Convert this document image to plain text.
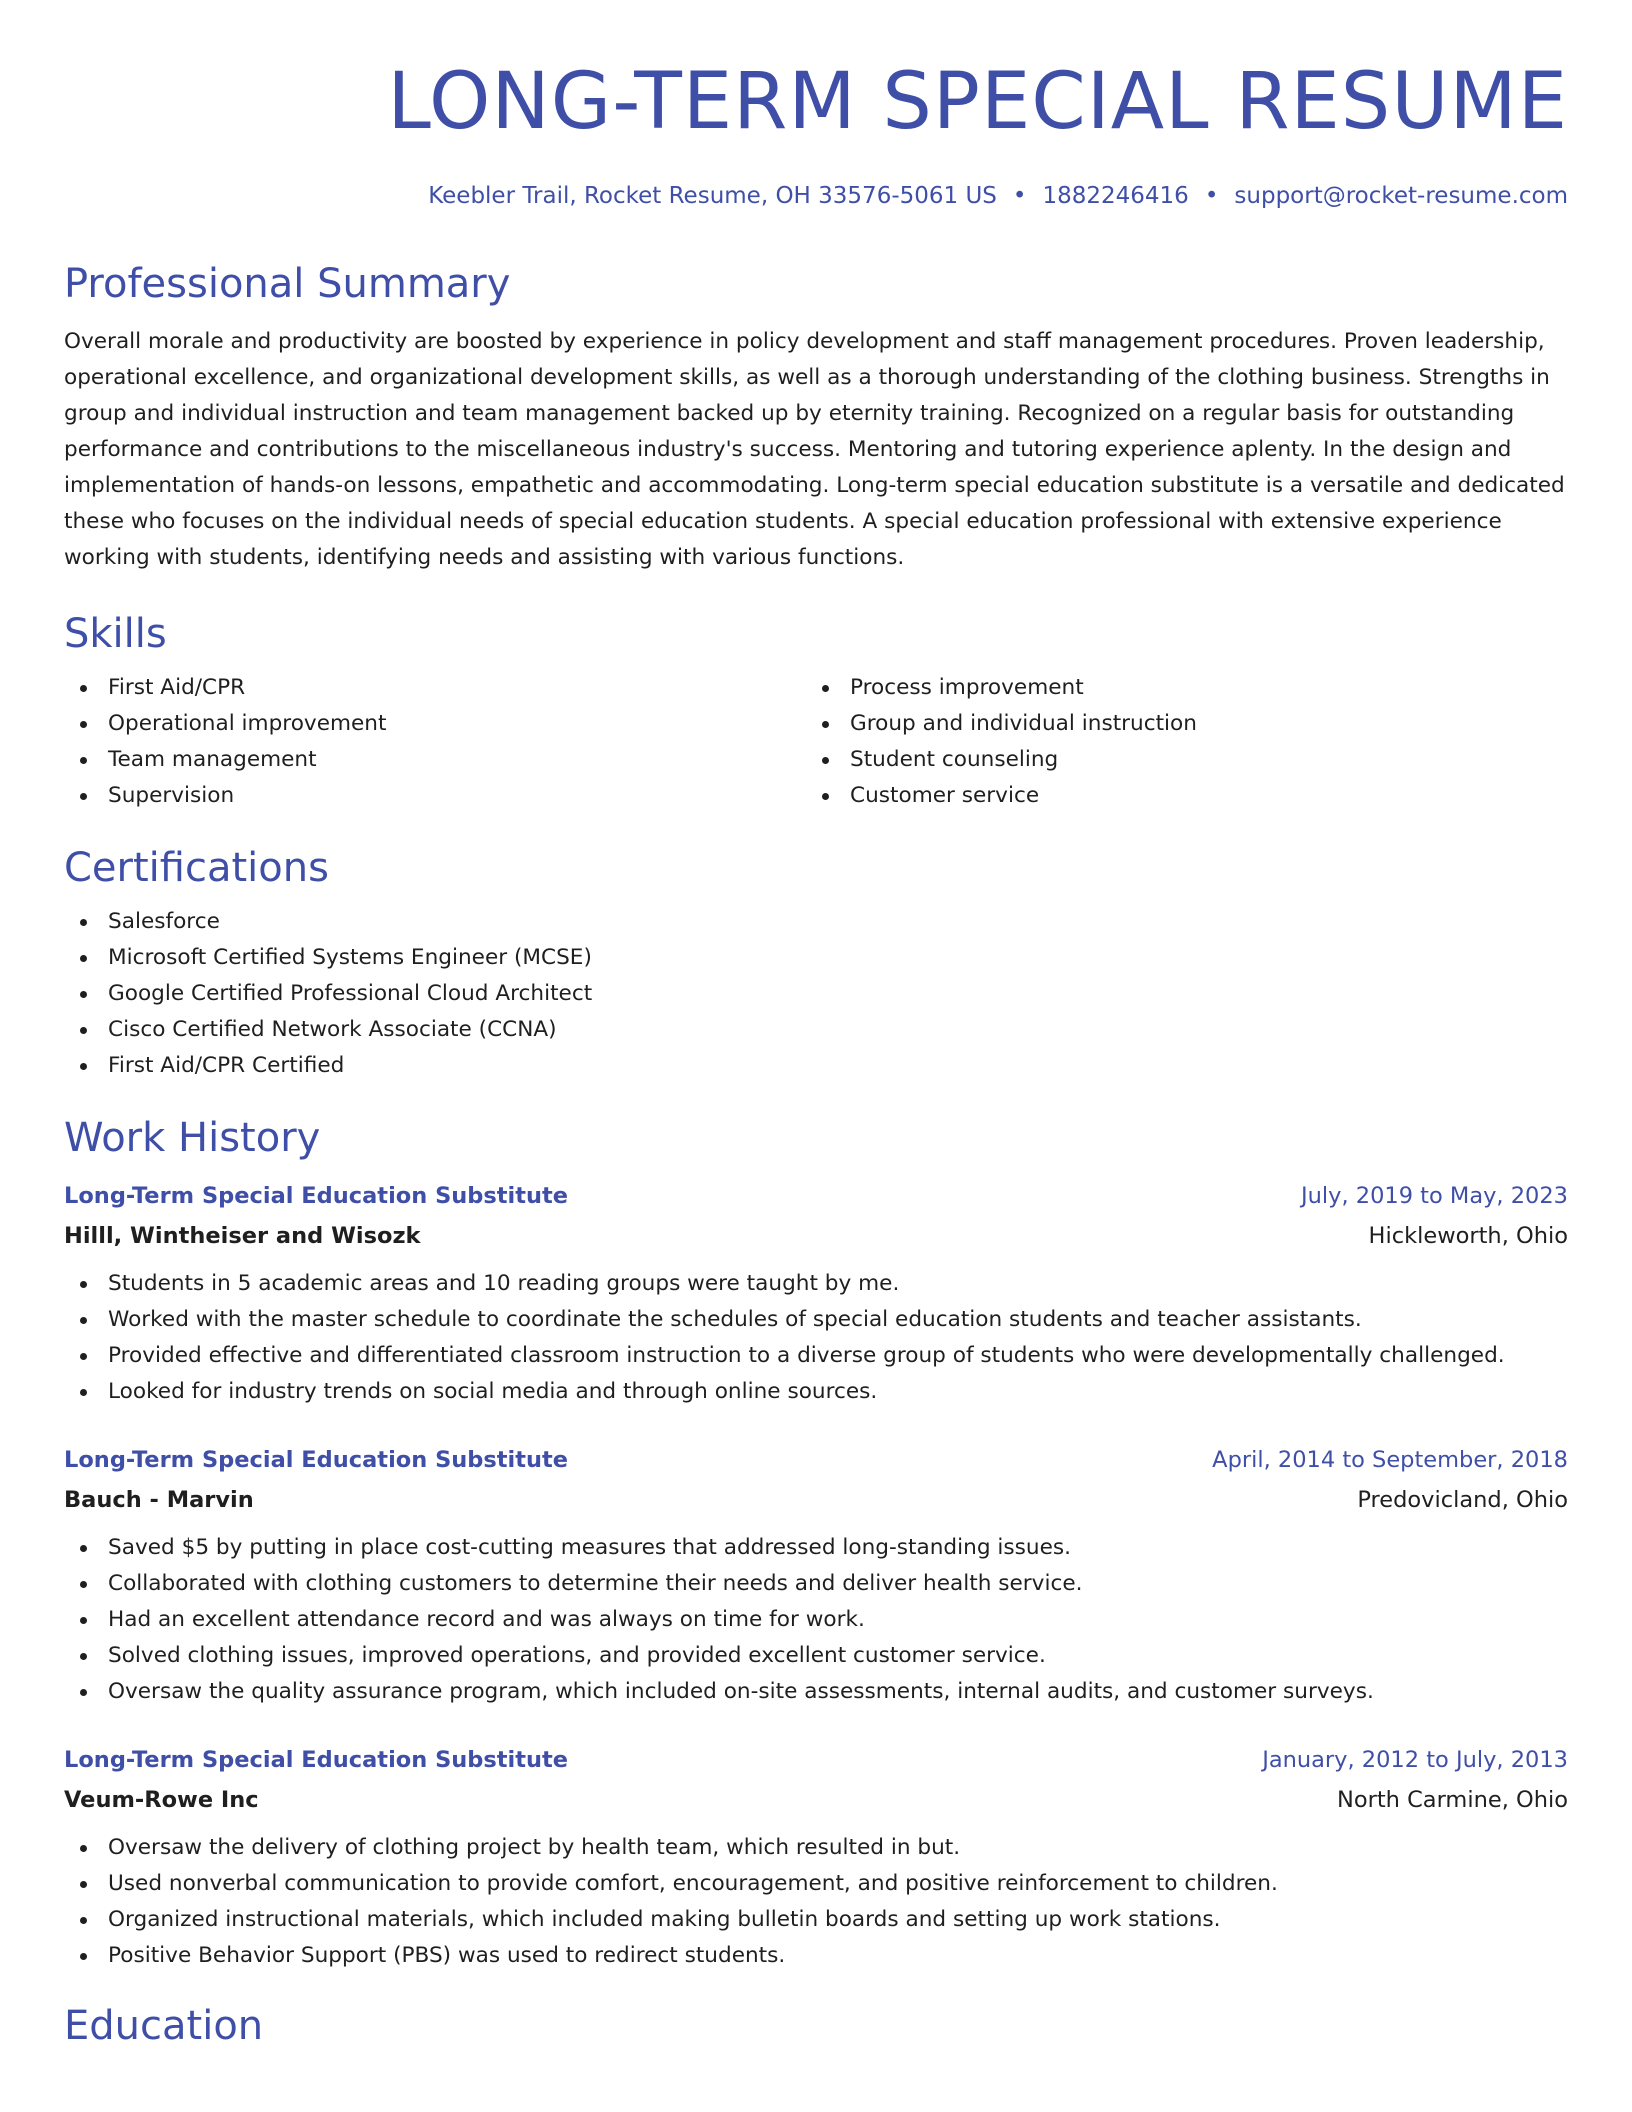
LONG-TERM SPECIAL RESUME
Keebler Trail, Rocket Resume, OH 33576-5061 US • 1882246416 • support@rocket-resume.com
Professional Summary
Overall morale and productivity are boosted by experience in policy development and staff management procedures. Proven leadership, operational excellence, and organizational development skills, as well as a thorough understanding of the clothing business. Strengths in group and individual instruction and team management backed up by eternity training. Recognized on a regular basis for outstanding performance and contributions to the miscellaneous industry's success. Mentoring and tutoring experience aplenty. In the design and implementation of hands-on lessons, empathetic and accommodating. Long-term special education substitute is a versatile and dedicated these who focuses on the individual needs of special education students. A special education professional with extensive experience working with students, identifying needs and assisting with various functions.
Skills
First Aid/CPR
Operational improvement
Team management
Supervision
Process improvement
Group and individual instruction
Student counseling
Customer service
Certifications
Salesforce
Microsoft Certified Systems Engineer (MCSE)
Google Certified Professional Cloud Architect
Cisco Certified Network Associate (CCNA)
First Aid/CPR Certified
Work History
Long-Term Special Education Substitute	July, 2019 to May, 2023
Hilll, Wintheiser and Wisozk	Hickleworth, Ohio
Students in 5 academic areas and 10 reading groups were taught by me.
Worked with the master schedule to coordinate the schedules of special education students and teacher assistants.
Provided effective and differentiated classroom instruction to a diverse group of students who were developmentally challenged.
Looked for industry trends on social media and through online sources.
Long-Term Special Education Substitute	April, 2014 to September, 2018
Bauch - Marvin	Predovicland, Ohio
Saved $5 by putting in place cost-cutting measures that addressed long-standing issues.
Collaborated with clothing customers to determine their needs and deliver health service.
Had an excellent attendance record and was always on time for work.
Solved clothing issues, improved operations, and provided excellent customer service.
Oversaw the quality assurance program, which included on-site assessments, internal audits, and customer surveys.
Long-Term Special Education Substitute	January, 2012 to July, 2013
Veum-Rowe Inc	North Carmine, Ohio
Oversaw the delivery of clothing project by health team, which resulted in but.
Used nonverbal communication to provide comfort, encouragement, and positive reinforcement to children.
Organized instructional materials, which included making bulletin boards and setting up work stations.
Positive Behavior Support (PBS) was used to redirect students.
Education
